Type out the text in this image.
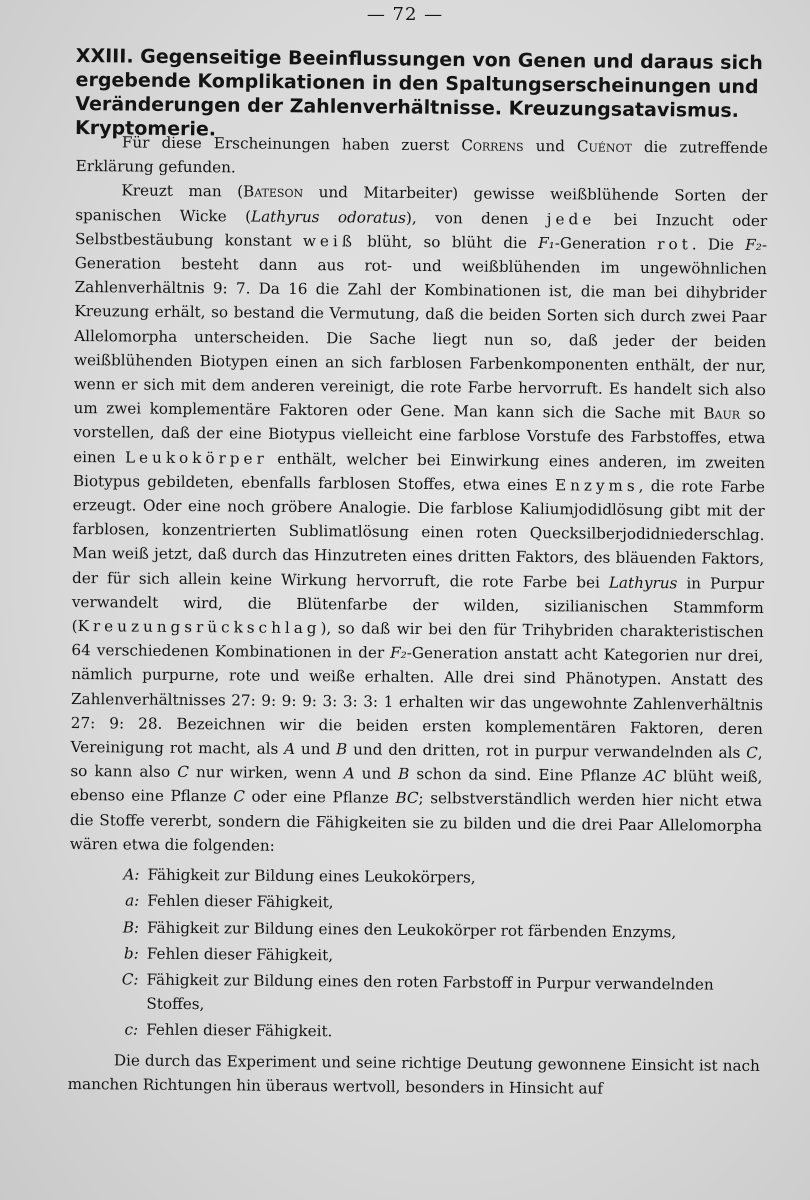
— 72 —
XXIII. Gegenseitige Beeinflussungen von Genen und daraus sich ergebende Komplikationen in den Spaltungserscheinungen und Veränderungen der Zahlenverhältnisse. Kreuzungsatavismus. Kryptomerie.

Für diese Erscheinungen haben zuerst Correns und Cuénot die zutreffende Erklärung gefunden.

Kreuzt man (Bateson und Mitarbeiter) gewisse weißblühende Sorten der spanischen Wicke (Lathyrus odoratus), von denen jede bei Inzucht oder Selbstbestäubung konstant weiß blüht, so blüht die F₁-Generation rot. Die F₂-Generation besteht dann aus rot- und weißblühenden im ungewöhnlichen Zahlenverhältnis 9: 7. Da 16 die Zahl der Kombinationen ist, die man bei dihybrider Kreuzung erhält, so bestand die Vermutung, daß die beiden Sorten sich durch zwei Paar Allelomorpha unterscheiden. Die Sache liegt nun so, daß jeder der beiden weißblühenden Biotypen einen an sich farblosen Farbenkomponenten enthält, der nur, wenn er sich mit dem anderen vereinigt, die rote Farbe hervorruft. Es handelt sich also um zwei komplementäre Faktoren oder Gene. Man kann sich die Sache mit Baur so vorstellen, daß der eine Biotypus vielleicht eine farblose Vorstufe des Farbstoffes, etwa einen Leukokörper enthält, welcher bei Einwirkung eines anderen, im zweiten Biotypus gebildeten, ebenfalls farblosen Stoffes, etwa eines Enzyms, die rote Farbe erzeugt. Oder eine noch gröbere Analogie. Die farblose Kaliumjodidlösung gibt mit der farblosen, konzentrierten Sublimatlösung einen roten Quecksilberjodidniederschlag. Man weiß jetzt, daß durch das Hinzutreten eines dritten Faktors, des bläuenden Faktors, der für sich allein keine Wirkung hervorruft, die rote Farbe bei Lathyrus in Purpur verwandelt wird, die Blütenfarbe der wilden, sizilianischen Stammform (Kreuzungsrückschlag), so daß wir bei den für Trihybriden charakteristischen 64 verschiedenen Kombinationen in der F₂-Generation anstatt acht Kategorien nur drei, nämlich purpurne, rote und weiße erhalten. Alle drei sind Phänotypen. Anstatt des Zahlenverhältnisses 27: 9: 9: 9: 3: 3: 3: 1 erhalten wir das ungewohnte Zahlenverhältnis 27: 9: 28. Bezeichnen wir die beiden ersten komplementären Faktoren, deren Vereinigung rot macht, als A und B und den dritten, rot in purpur verwandelnden als C, so kann also C nur wirken, wenn A und B schon da sind. Eine Pflanze AC blüht weiß, ebenso eine Pflanze C oder eine Pflanze BC; selbstverständlich werden hier nicht etwa die Stoffe vererbt, sondern die Fähigkeiten sie zu bilden und die drei Paar Allelomorpha wären etwa die folgenden:

A: Fähigkeit zur Bildung eines Leukokörpers,
a: Fehlen dieser Fähigkeit,
B: Fähigkeit zur Bildung eines den Leukokörper rot färbenden Enzyms,
b: Fehlen dieser Fähigkeit,
C: Fähigkeit zur Bildung eines den roten Farbstoff in Purpur verwandelnden Stoffes,
c: Fehlen dieser Fähigkeit.

Die durch das Experiment und seine richtige Deutung gewonnene Einsicht ist nach manchen Richtungen hin überaus wertvoll, besonders in Hinsicht auf
